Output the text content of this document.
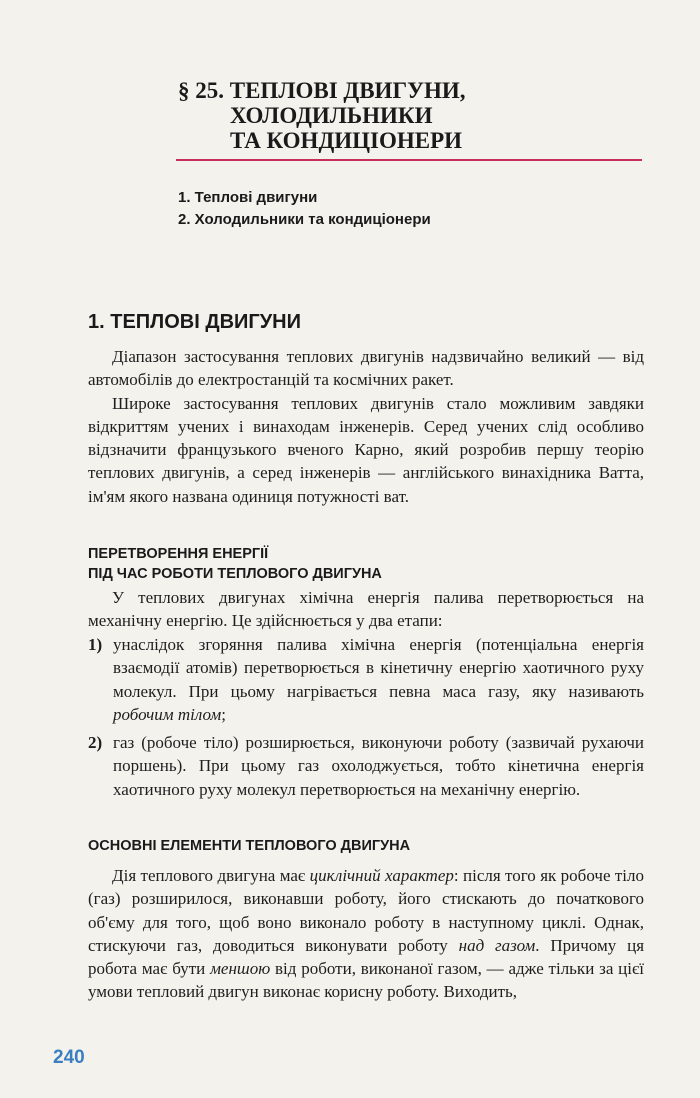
§ 25. ТЕПЛОВІ ДВИГУНИ,
ХОЛОДИЛЬНИКИ
ТА КОНДИЦІОНЕРИ
1. Теплові двигуни
2. Холодильники та кондиціонери
1. ТЕПЛОВІ ДВИГУНИ

Діапазон застосування теплових двигунів надзвичайно великий — від автомобілів до електростанцій та космічних ракет.

Широке застосування теплових двигунів стало можливим завдяки відкриттям учених і винаходам інженерів. Серед учених слід особливо відзначити французького вченого Карно, який розробив першу теорію теплових двигунів, а серед інженерів — англійського винахідника Ватта, ім'ям якого названа одиниця потужності ват.

ПЕРЕТВОРЕННЯ ЕНЕРГІЇ
ПІД ЧАС РОБОТИ ТЕПЛОВОГО ДВИГУНА

У теплових двигунах хімічна енергія палива перетворюється на механічну енергію. Це здійснюється у два етапи:

1) унаслідок згоряння палива хімічна енергія (потенціальна енергія взаємодії атомів) перетворюється в кінетичну енергію хаотичного руху молекул. При цьому нагрівається певна маса газу, яку називають робочим тілом;
2) газ (робоче тіло) розширюється, виконуючи роботу (зазвичай рухаючи поршень). При цьому газ охолоджується, тобто кінетична енергія хаотичного руху молекул перетворюється на механічну енергію.
ОСНОВНІ ЕЛЕМЕНТИ ТЕПЛОВОГО ДВИГУНА

Дія теплового двигуна має циклічний характер: після того як робоче тіло (газ) розширилося, виконавши роботу, його стискають до початкового об'єму для того, щоб воно виконало роботу в наступному циклі. Однак, стискуючи газ, доводиться виконувати роботу над газом. Причому ця робота має бути меншою від роботи, виконаної газом, — адже тільки за цієї умови тепловий двигун виконає корисну роботу. Виходить,

240
